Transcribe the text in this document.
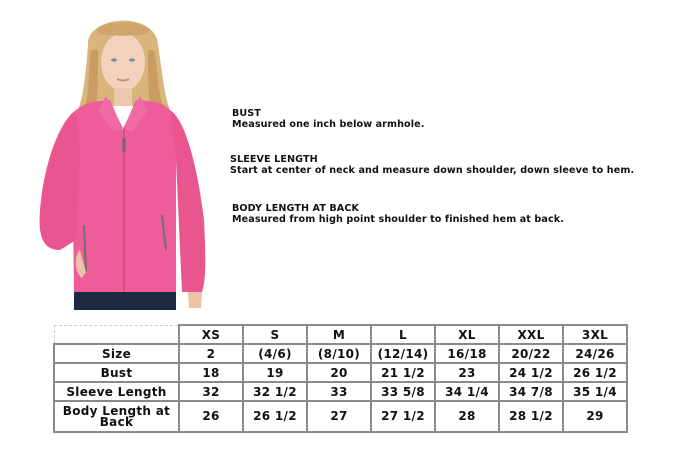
BUST
Measured one inch below armhole.
SLEEVE LENGTH
Start at center of neck and measure down shoulder, down sleeve to hem.
BODY LENGTH AT BACK
Measured from high point shoulder to finished hem at back.
	XS	S	M	L	XL	XXL	3XL
Size	2	(4/6)	(8/10)	(12/14)	16/18	20/22	24/26
Bust	18	19	20	21 1/2	23	24 1/2	26 1/2
Sleeve Length	32	32 1/2	33	33 5/8	34 1/4	34 7/8	35 1/4
Body Length at Back	26	26 1/2	27	27 1/2	28	28 1/2	29
